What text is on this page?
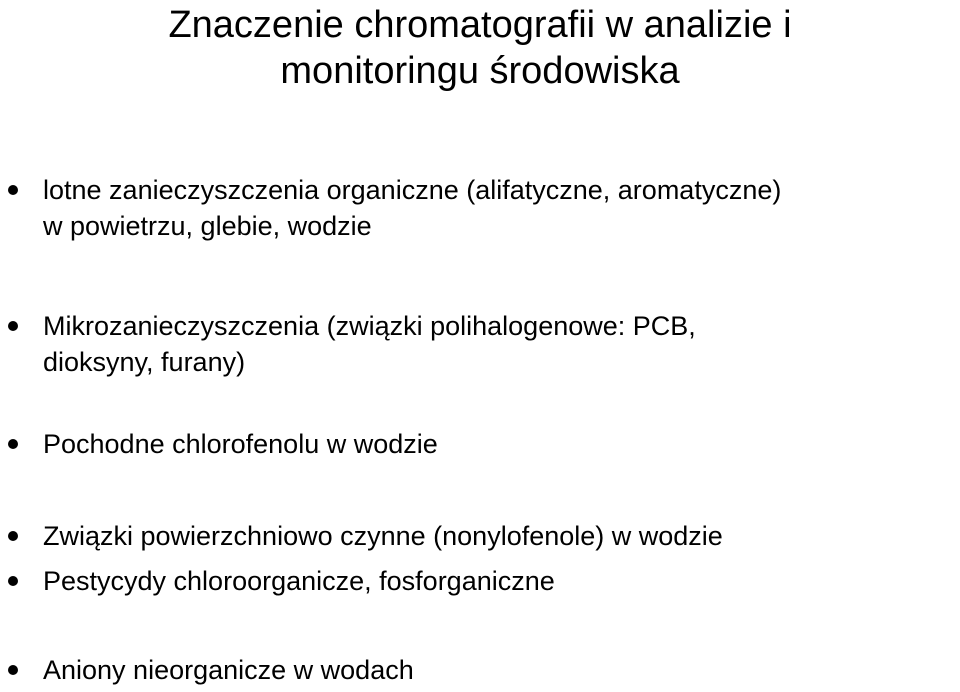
Znaczenie chromatografii w analizie i
monitoringu środowiska
lotne zanieczyszczenia organiczne (alifatyczne, aromatyczne)
w powietrzu, glebie, wodzie
Mikrozanieczyszczenia (związki polihalogenowe: PCB,
dioksyny, furany)
Pochodne chlorofenolu w wodzie
Związki powierzchniowo czynne (nonylofenole) w wodzie
Pestycydy chloroorganicze, fosforganiczne
Aniony nieorganicze w wodach
